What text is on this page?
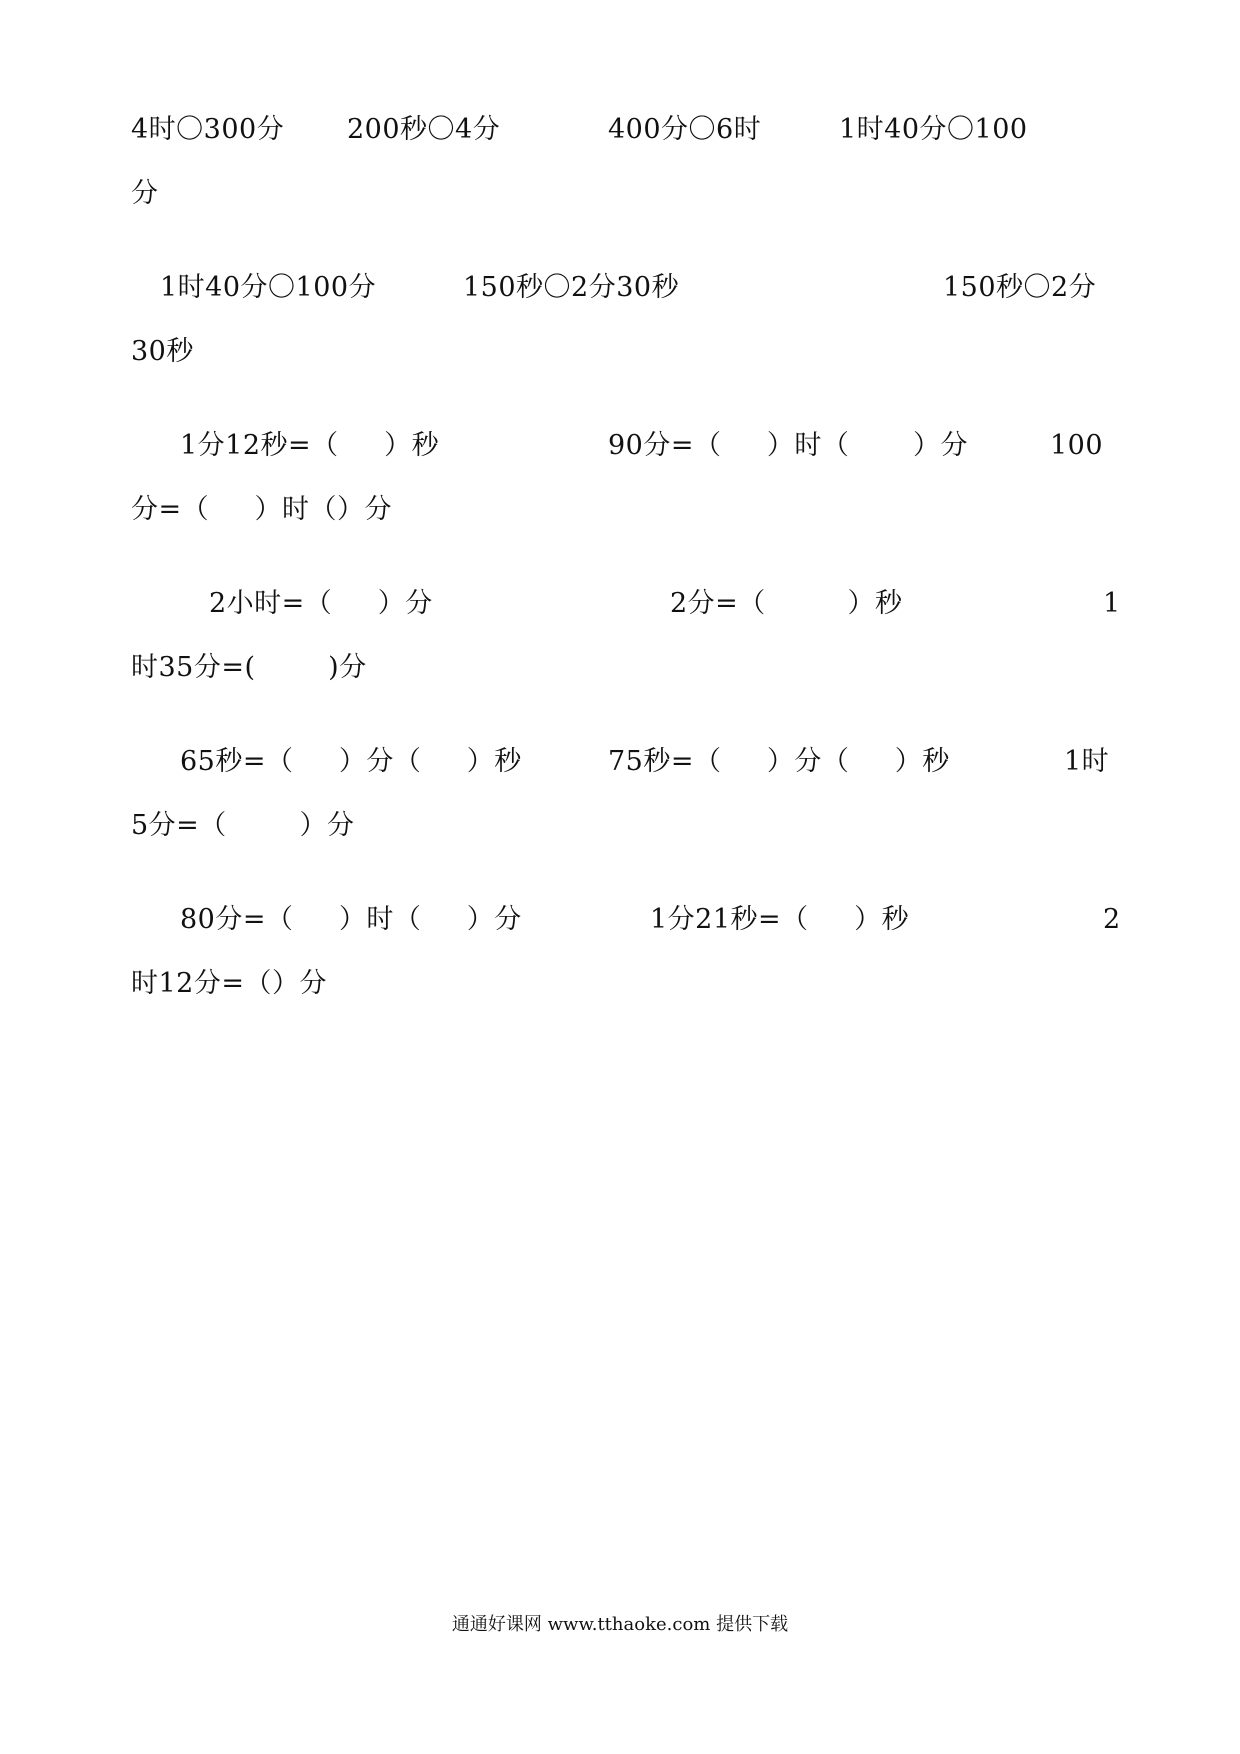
4时〇300分 200秒〇4分	400分〇6时	1时40分〇100
分
1时40分〇100分	150秒〇2分30秒	150秒〇2分
30秒
1分12秒=（     ）秒	90分=（     ）时（       ）分	100
分=（     ）时（）分
2小时=（     ）分	2分=（         ）秒	1
时35分=(        )分
65秒=（     ）分（     ）秒	75秒=（     ）分（     ）秒	1时
5分=（        ）分
80分=（     ）时（     ）分	1分21秒=（     ）秒	2
时12分=（）分
通通好课网 www.tthaoke.com 提供下载
